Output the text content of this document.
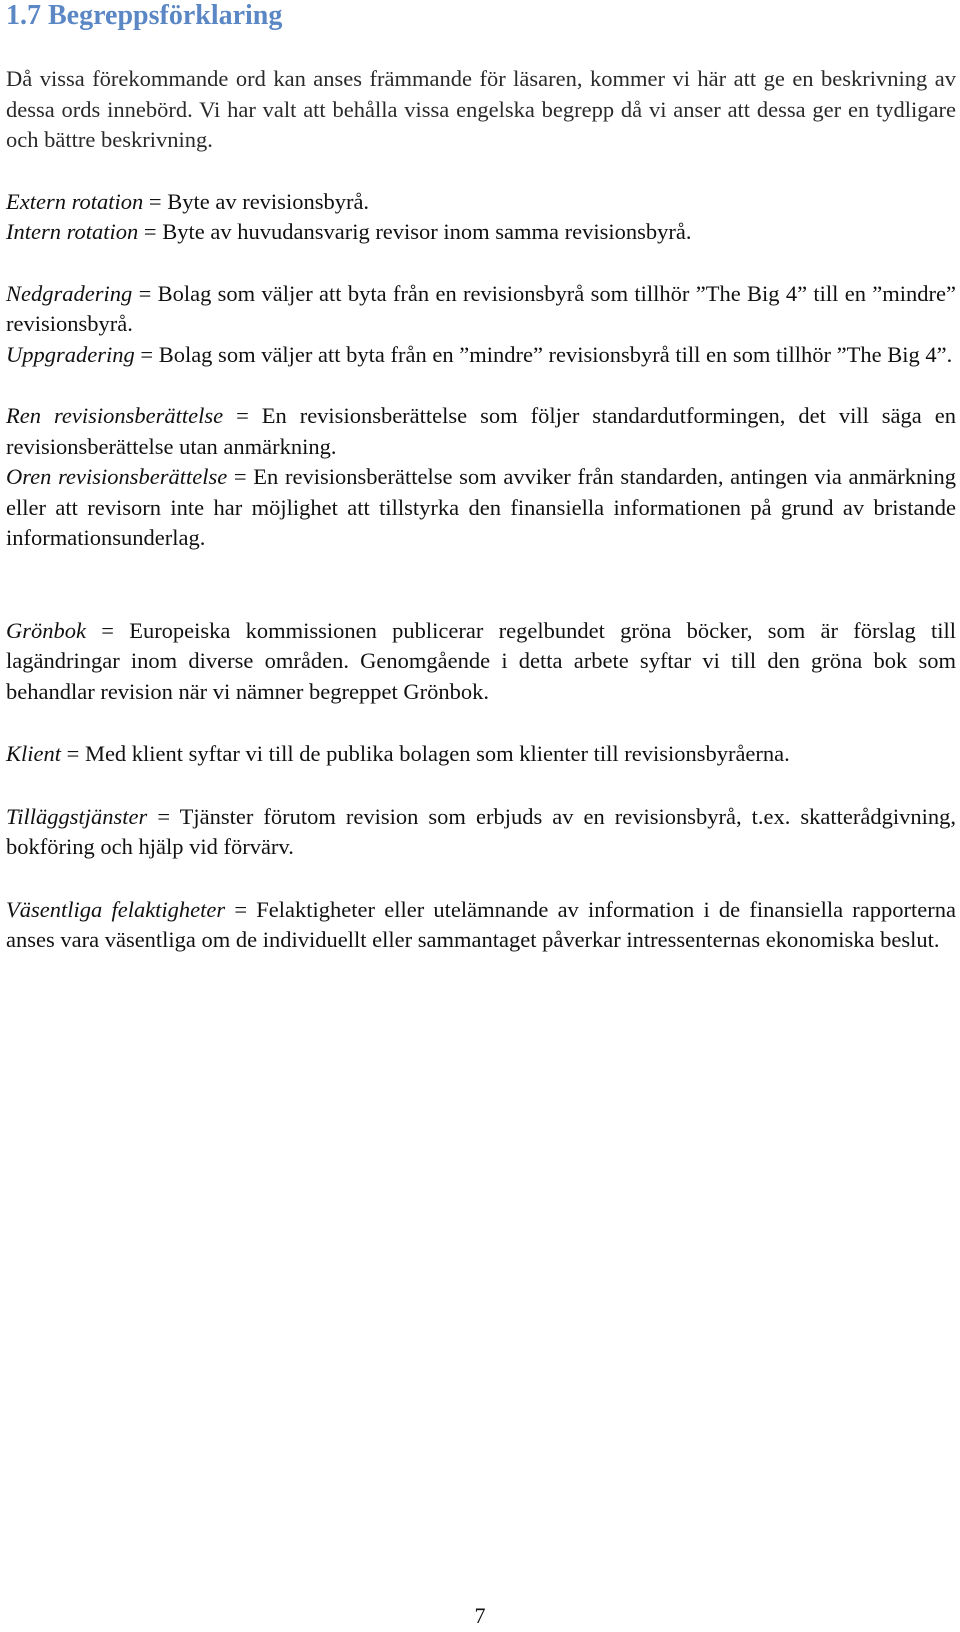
1.7 Begreppsförklaring

Då vissa förekommande ord kan anses främmande för läsaren, kommer vi här att ge en beskrivning av dessa ords innebörd. Vi har valt att behålla vissa engelska begrepp då vi anser att dessa ger en tydligare och bättre beskrivning.

Extern rotation = Byte av revisionsbyrå.

Intern rotation = Byte av huvudansvarig revisor inom samma revisionsbyrå.

Nedgradering = Bolag som väljer att byta från en revisionsbyrå som tillhör ”The Big 4” till en ”mindre” revisionsbyrå.

Uppgradering = Bolag som väljer att byta från en ”mindre” revisionsbyrå till en som tillhör ”The Big 4”.

Ren revisionsberättelse = En revisionsberättelse som följer standardutformingen, det vill säga en revisionsberättelse utan anmärkning.

Oren revisionsberättelse = En revisionsberättelse som avviker från standarden, antingen via anmärkning eller att revisorn inte har möjlighet att tillstyrka den finansiella informationen på grund av bristande informationsunderlag.

Grönbok = Europeiska kommissionen publicerar regelbundet gröna böcker, som är förslag till lagändringar inom diverse områden. Genomgående i detta arbete syftar vi till den gröna bok som behandlar revision när vi nämner begreppet Grönbok.

Klient = Med klient syftar vi till de publika bolagen som klienter till revisionsbyråerna.

Tilläggstjänster = Tjänster förutom revision som erbjuds av en revisionsbyrå, t.ex. skatterådgivning, bokföring och hjälp vid förvärv.

Väsentliga felaktigheter = Felaktigheter eller utelämnande av information i de finansiella rapporterna anses vara väsentliga om de individuellt eller sammantaget påverkar intressenternas ekonomiska beslut.

7
